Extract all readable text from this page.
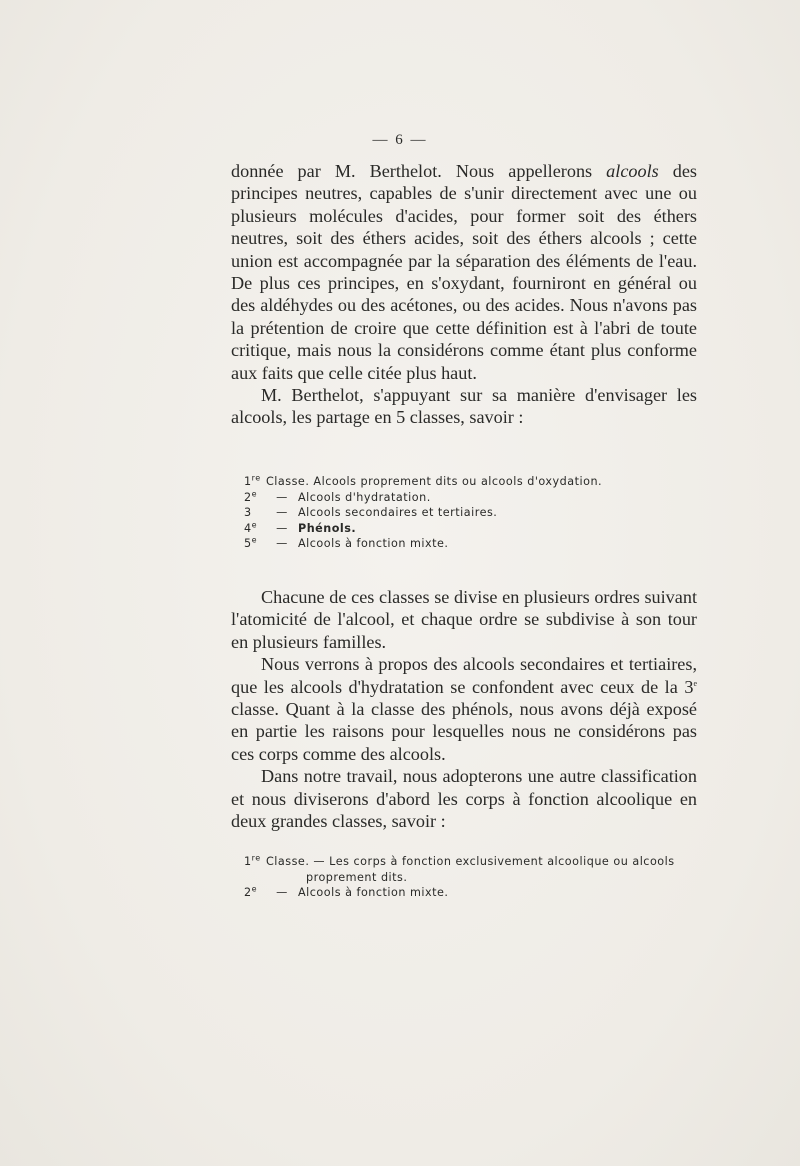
— 6 —

donnée par M. Berthelot. Nous appellerons alcools des principes neutres, capables de s'unir directement avec une ou plusieurs molécules d'acides, pour former soit des éthers neutres, soit des éthers acides, soit des éthers alcools ; cette union est accompagnée par la séparation des éléments de l'eau. De plus ces principes, en s'oxydant, fourniront en général ou des aldéhydes ou des acétones, ou des acides. Nous n'avons pas la prétention de croire que cette définition est à l'abri de toute critique, mais nous la considérons comme étant plus conforme aux faits que celle citée plus haut.

M. Berthelot, s'appuyant sur sa manière d'envisager les alcools, les partage en 5 classes, savoir :

1re Classe. Alcools proprement dits ou alcools d'oxydation.
2e	— Alcools d'hydratation.
3	— Alcools secondaires et tertiaires.
4e	— Phénols.
5e	— Alcools à fonction mixte.

Chacune de ces classes se divise en plusieurs ordres suivant l'atomicité de l'alcool, et chaque ordre se subdivise à son tour en plusieurs familles.

Nous verrons à propos des alcools secondaires et tertiaires, que les alcools d'hydratation se confondent avec ceux de la 3e classe. Quant à la classe des phénols, nous avons déjà exposé en partie les raisons pour lesquelles nous ne considérons pas ces corps comme des alcools.

Dans notre travail, nous adopterons une autre classification et nous diviserons d'abord les corps à fonction alcoolique en deux grandes classes, savoir :

1re Classe. — Les corps à fonction exclusivement alcoolique ou alcools
proprement dits.
2e	— Alcools à fonction mixte.
